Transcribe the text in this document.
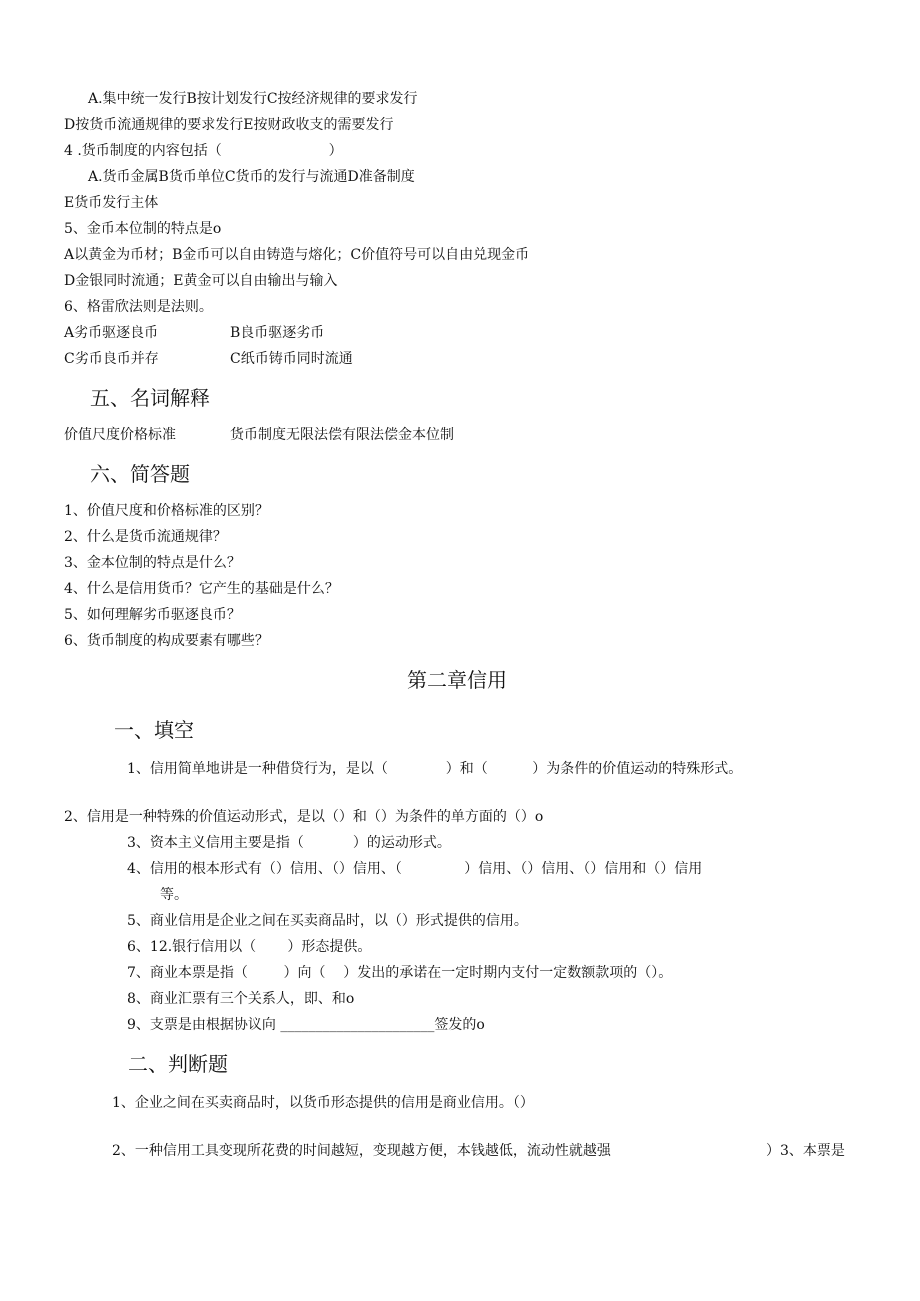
A.集中统一发行B按计划发行C按经济规律的要求发行
D按货币流通规律的要求发行E按财政收支的需要发行
4 .货币制度的内容包括（                        ）
A.货币金属B货币单位C货币的发行与流通D准备制度
E货币发行主体
5、金币本位制的特点是o
A以黄金为币材；B金币可以自由铸造与熔化；C价值符号可以自由兑现金币
D金银同时流通；E黄金可以自由输出与输入
6、格雷欣法则是法则。
A劣币驱逐良币	B良币驱逐劣币
C劣币良币并存	C纸币铸币同时流通
五、名词解释
价值尺度价格标准	货币制度无限法偿有限法偿金本位制
六、简答题
1、价值尺度和价格标准的区别？
2、什么是货币流通规律？
3、金本位制的特点是什么？
4、什么是信用货币？它产生的基础是什么？
5、如何理解劣币驱逐良币？
6、货币制度的构成要素有哪些？
第二章信用
一、填空
1、信用简单地讲是一种借贷行为，是以（             ）和（          ）为条件的价值运动的特殊形式。
2、信用是一种特殊的价值运动形式，是以（）和（）为条件的单方面的（）o
3、资本主义信用主要是指（           ）的运动形式。
4、信用的根本形式有（）信用、（）信用、（              ）信用、（）信用、（）信用和（）信用
等。
5、商业信用是企业之间在买卖商品时，以（）形式提供的信用。
6、12.银行信用以（       ）形态提供。
7、商业本票是指（        ）向（    ）发出的承诺在一定时期内支付一定数额款项的（）。
8、商业汇票有三个关系人，即、和o
9、支票是由根据协议向 ______________________签发的o
二、判断题
1、企业之间在买卖商品时，以货币形态提供的信用是商业信用。（）
2、一种信用工具变现所花费的时间越短，变现越方便，本钱越低，流动性就越强	）3、本票是
